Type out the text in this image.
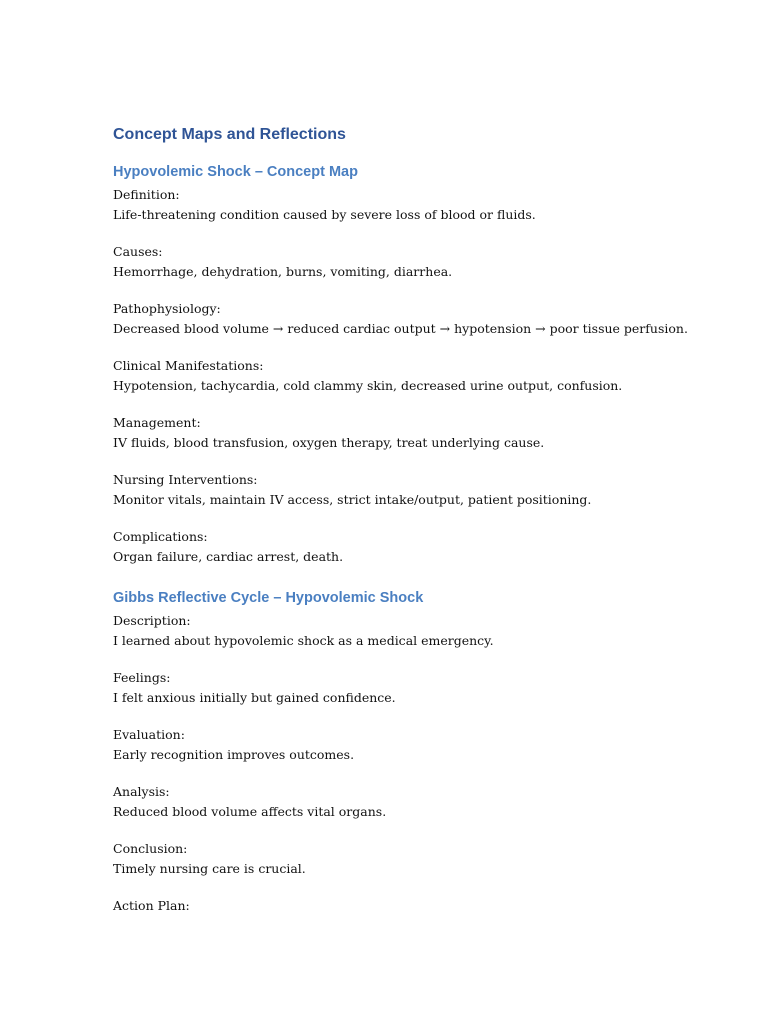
Concept Maps and Reflections
Hypovolemic Shock – Concept Map
Definition:
Life-threatening condition caused by severe loss of blood or fluids.
Causes:
Hemorrhage, dehydration, burns, vomiting, diarrhea.
Pathophysiology:
Decreased blood volume → reduced cardiac output → hypotension → poor tissue perfusion.
Clinical Manifestations:
Hypotension, tachycardia, cold clammy skin, decreased urine output, confusion.
Management:
IV fluids, blood transfusion, oxygen therapy, treat underlying cause.
Nursing Interventions:
Monitor vitals, maintain IV access, strict intake/output, patient positioning.
Complications:
Organ failure, cardiac arrest, death.
Gibbs Reflective Cycle – Hypovolemic Shock
Description:
I learned about hypovolemic shock as a medical emergency.
Feelings:
I felt anxious initially but gained confidence.
Evaluation:
Early recognition improves outcomes.
Analysis:
Reduced blood volume affects vital organs.
Conclusion:
Timely nursing care is crucial.
Action Plan:
